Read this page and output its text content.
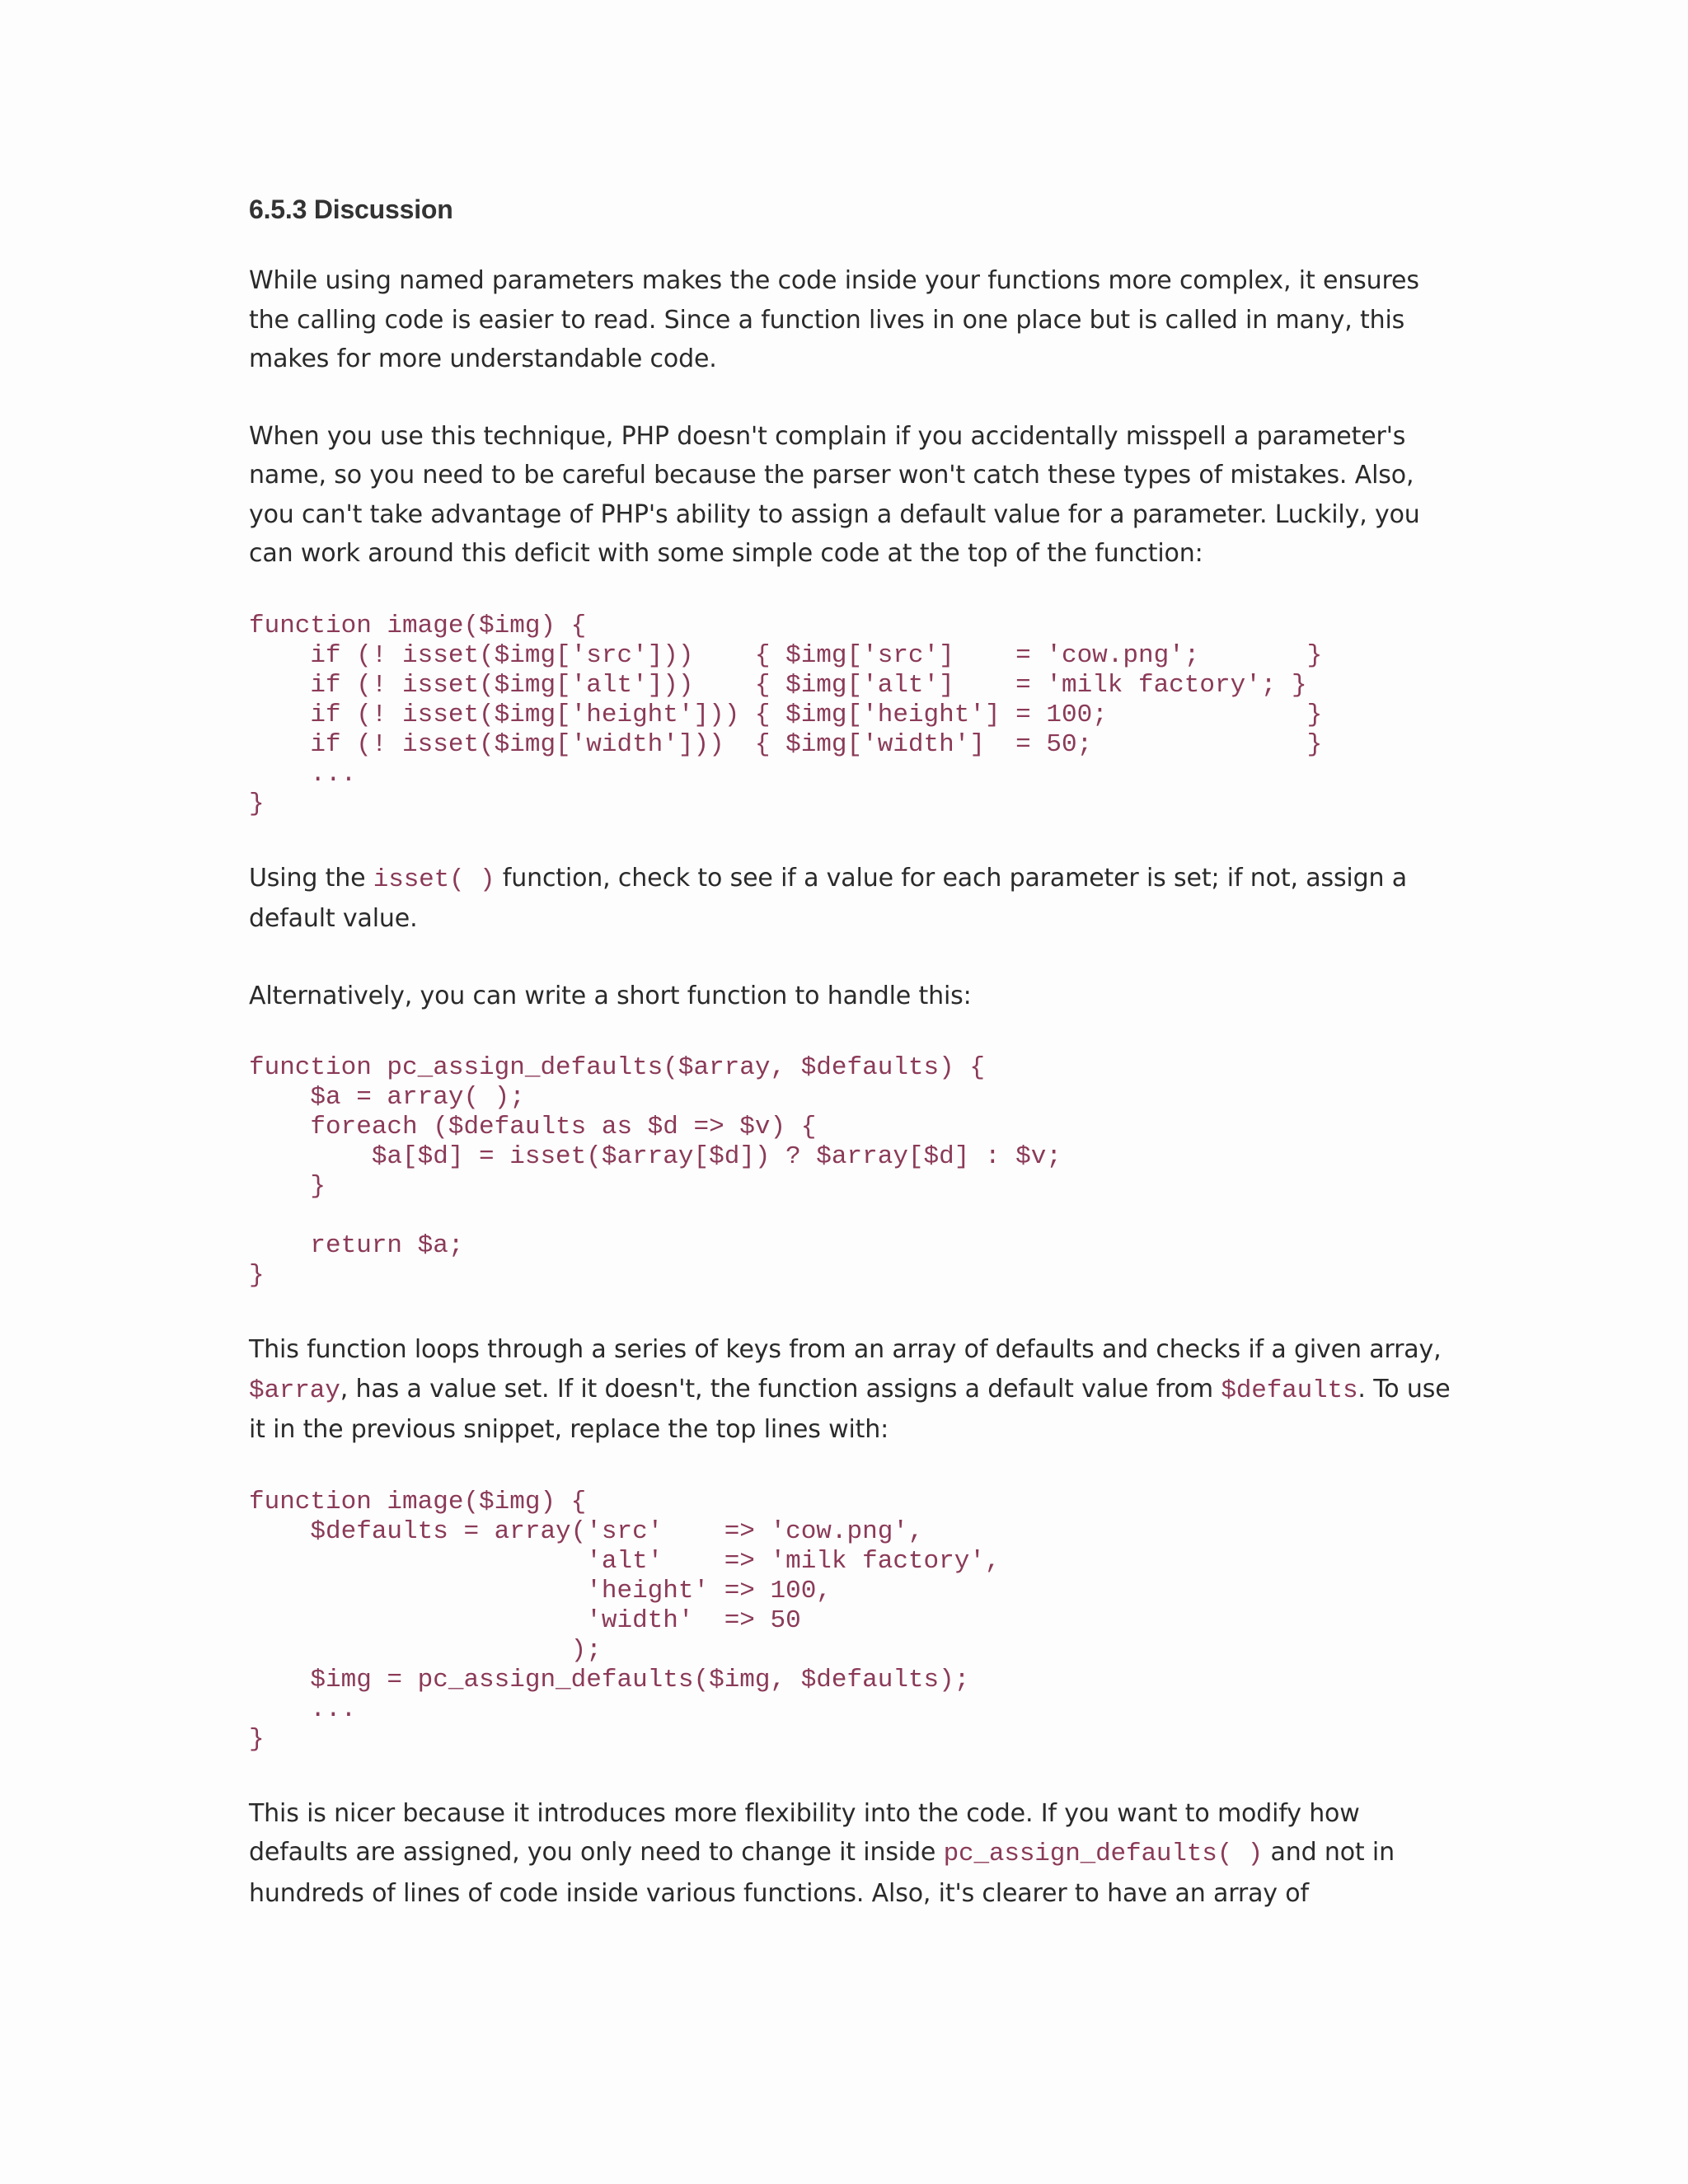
6.5.3 Discussion

While using named parameters makes the code inside your functions more complex, it ensures the calling code is easier to read. Since a function lives in one place but is called in many, this makes for more understandable code.

When you use this technique, PHP doesn't complain if you accidentally misspell a parameter's name, so you need to be careful because the parser won't catch these types of mistakes. Also, you can't take advantage of PHP's ability to assign a default value for a parameter. Luckily, you can work around this deficit with some simple code at the top of the function:

function image($img) {
if (! isset($img['src']))    { $img['src']    = 'cow.png';       }
if (! isset($img['alt']))    { $img['alt']    = 'milk factory'; }
if (! isset($img['height'])) { $img['height'] = 100;             }
if (! isset($img['width']))  { $img['width']  = 50;              }
...
}

Using the isset( ) function, check to see if a value for each parameter is set; if not, assign a default value.

Alternatively, you can write a short function to handle this:

function pc_assign_defaults($array, $defaults) {
$a = array( );
foreach ($defaults as $d => $v) {
$a[$d] = isset($array[$d]) ? $array[$d] : $v;
}

return $a;
}

This function loops through a series of keys from an array of defaults and checks if a given array, $array, has a value set. If it doesn't, the function assigns a default value from $defaults. To use it in the previous snippet, replace the top lines with:

function image($img) {
$defaults = array('src'    => 'cow.png',
'alt'    => 'milk factory',
'height' => 100,
'width'  => 50
);
$img = pc_assign_defaults($img, $defaults);
...
}

This is nicer because it introduces more flexibility into the code. If you want to modify how defaults are assigned, you only need to change it inside pc_assign_defaults( ) and not in hundreds of lines of code inside various functions. Also, it's clearer to have an array of
